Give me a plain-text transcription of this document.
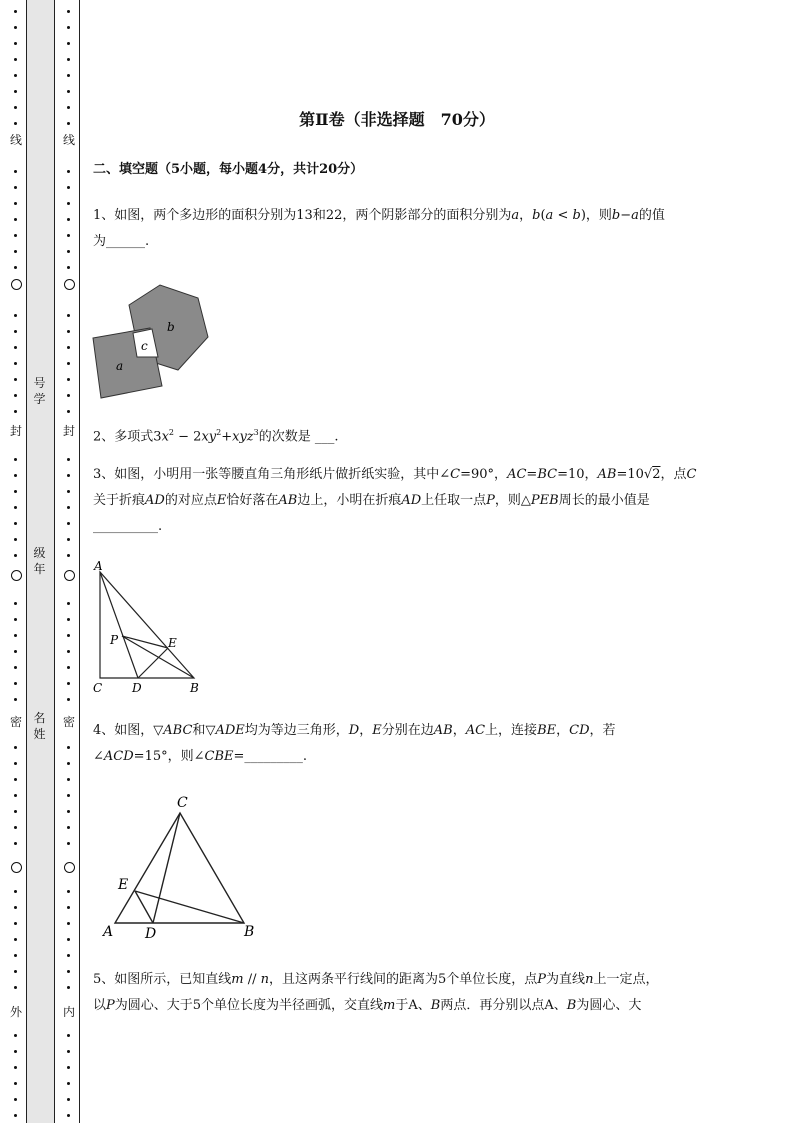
线
封
密
外
线
封
密
内
号
学
级
年
名
姓
第Ⅱ卷（非选择题　70分）
二、填空题（5小题，每小题4分，共计20分）
1、如图，两个多边形的面积分别为13和22，两个阴影部分的面积分别为a，b(a < b)，则b−a的值
为______.
b
c
a
2、多项式$3x^2 - 2xy^2+xyz^3$的次数是 ___.
3、如图，小明用一张等腰直角三角形纸片做折纸实验，其中∠C=90°，AC=BC=10，AB=10√2，点C
关于折痕AD的对应点E恰好落在AB边上，小明在折痕AD上任取一点P，则△PEB周长的最小值是
__________.
A
P	E
C D	B
4、如图，▽ABC和▽ADE均为等边三角形，D，E分别在边AB，AC上，连接BE，CD，若
∠ACD=15°，则∠CBE=_________.
C
E
A D	B
5、如图所示，已知直线m // n，且这两条平行线间的距离为5个单位长度，点P为直线n上一定点，
以P为圆心、大于5个单位长度为半径画弧，交直线m于A、B两点．再分别以点A、B为圆心、大
